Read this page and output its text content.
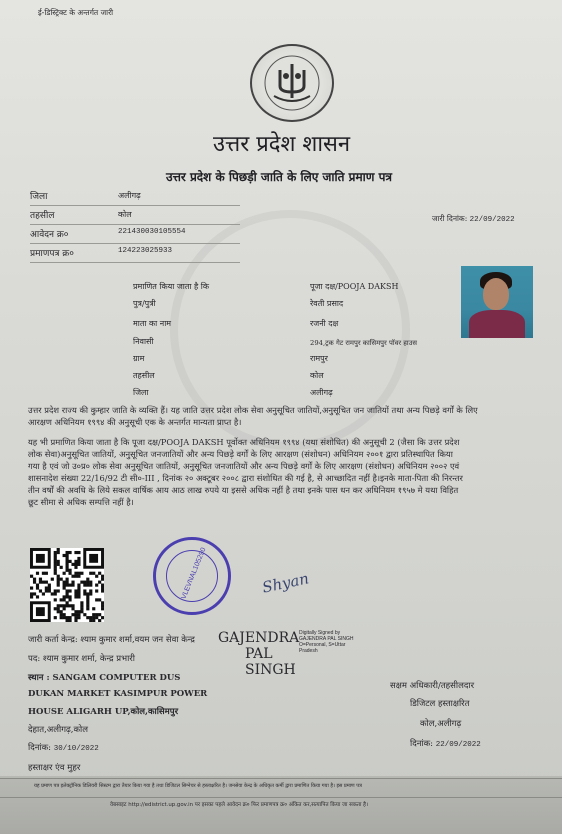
ई-डिस्ट्रिक्ट के अन्तर्गत जारी
उत्तर प्रदेश शासन
उत्तर प्रदेश के पिछड़ी जाति के लिए जाति प्रमाण पत्र
जिला	अलीगढ़
तहसील	कोल
आवेदन क्र०	221430030105554
प्रमाणपत्र क्र०	124223025933
जारी दिनांक: 22/09/2022
प्रमाणित किया जाता है कि	पूजा दक्ष/POOJA DAKSH
पुत्र/पुत्री	रेवती प्रसाद
माता का नाम	रजनी दक्ष
निवासी	294,ट्रक गेट रामपुर कासिमपुर पॉवर हाउस
ग्राम	रामपुर
तहसील	कोल
जिला	अलीगढ़
उत्तर प्रदेश राज्य की कुम्हार जाति के व्यक्ति हैं। यह जाति उत्तर प्रदेश लोक सेवा अनुसूचित जातियों,अनुसूचित जन जातियों तथा अन्य पिछड़े वर्गों के लिए
आरक्षण अधिनियम १९९४ की अनुसूची एक के अन्तर्गत मान्यता प्राप्त है।
यह भी प्रमाणित किया जाता है कि पूजा दक्ष/POOJA DAKSH पूर्वोक्त अधिनियम १९९४ (यथा संशोधित) की अनुसूची 2 (जैसा कि उत्तर प्रदेश
लोक सेवा)अनुसूचित जातियों, अनुसूचित जनजातियों और अन्य पिछड़े वर्गों के लिए आरक्षण (संशोधन) अधिनियम २००१ द्वारा प्रतिस्थापित किया
गया है एवं जो उ०प्र० लोक सेवा अनुसूचित जातियों, अनुसूचित जनजातियों और अन्य पिछड़े वर्गों के लिए आरक्षण (संशोधन) अधिनियम २००२ एवं
शासनादेश संख्या 22/16/92 टी सी०-III , दिनांक २० अक्टूबर २००८ द्वारा संशोधित की गई है, से आच्छादित नहीं है।इनके माता-पिता की निरन्तर
तीन वर्षों की अवधि के लिये सकल वार्षिक आय आठ लाख रुपये या इससे अधिक नहीं है तथा इनके पास धन कर अधिनियम १९५७ मे यथा विहित
छूट सीमा से अधिक सम्पत्ति नहीं है।
VLEVNAL105290	Shyan
GAJENDRA
PAL
SINGH
Digitally Signed by
GAJENDRA PAL SINGH
O=Personal, S=Uttar
Pradesh
जारी कर्ता केन्द्र: श्याम कुमार शर्मा,वयम जन सेवा केन्द्र
पद: श्याम कुमार शर्मा, केन्द्र प्रभारी
स्थान : SANGAM COMPUTER DUS
DUKAN MARKET KASIMPUR POWER
HOUSE ALIGARH UP,कोल,कासिमपुर
देहात,अलीगढ़,कोल
दिनांक: 30/10/2022
हस्ताक्षर एंव मुहर
सक्षम अधिकारी/तहसीलदार
डिजिटल हस्ताक्षरित
कोल,अलीगढ़
दिनांक: 22/09/2022
यह प्रमाण पत्र इलेक्ट्रॉनिक डिलिवरी सिस्टम द्वारा तैयार किया गया है तथा डिजिटल सिग्नेचर से हस्ताक्षरित है। जनसेवा केन्द्र के अधिकृत कर्मी द्वारा प्रमाणित किया गया है। इस प्रमाण पत्र
वेबसाइट http://edistrict.up.gov.in पर इसका पहले आवेदन क्र० फिर प्रमाणपत्र क्र० अंकित कर,सत्यापित किया जा सकता है।
